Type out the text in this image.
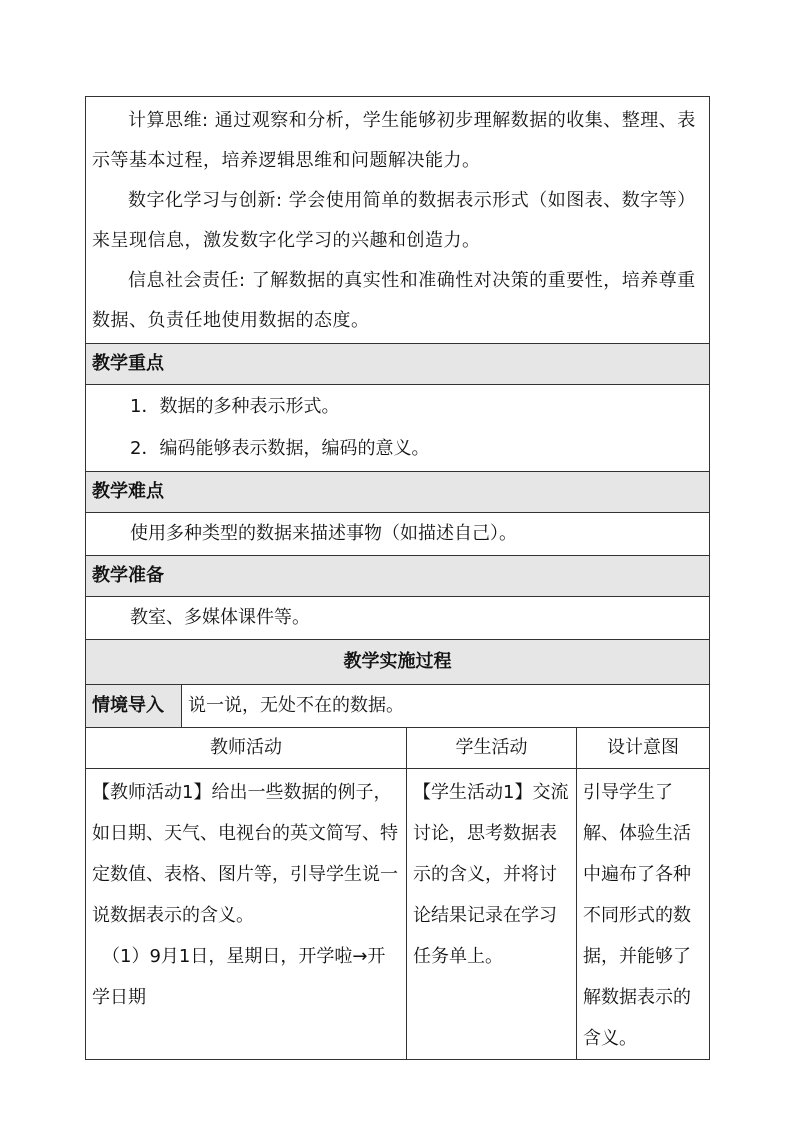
计算思维: 通过观察和分析，学生能够初步理解数据的收集、整理、表示等基本过程，培养逻辑思维和问题解决能力。

数字化学习与创新: 学会使用简单的数据表示形式（如图表、数字等）来呈现信息，激发数字化学习的兴趣和创造力。

信息社会责任: 了解数据的真实性和准确性对决策的重要性，培养尊重数据、负责任地使用数据的态度。			

教学重点			

1．数据的多种表示形式。
2．编码能够表示数据，编码的意义。			

教学难点			

使用多种类型的数据来描述事物（如描述自己）。			

教学准备			

教室、多媒体课件等。			

教学实施过程			
情境导入	说一说，无处不在的数据。		
教师活动		学生活动	设计意图

【教师活动1】给出一些数据的例子，如日期、天气、电视台的英文简写、特定数值、表格、图片等，引导学生说一说数据表示的含义。

（1）9月1日，星期日，开学啦→开学日期		【学生活动1】交流讨论，思考数据表示的含义，并将讨论结果记录在学习任务单上。	引导学生了解、体验生活中遍布了各种不同形式的数据，并能够了解数据表示的含义。
